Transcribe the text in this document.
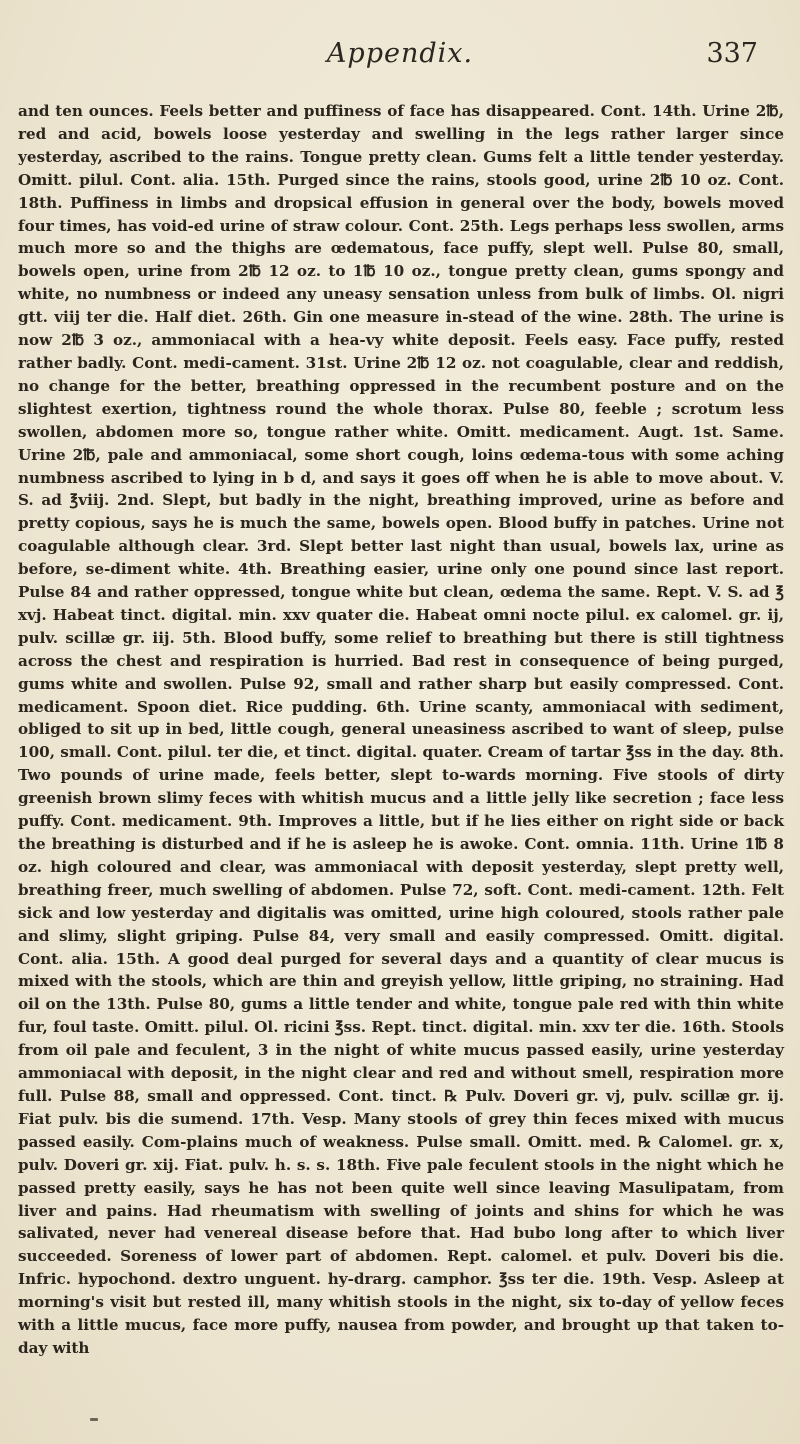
Appendix.	337

and ten ounces. Feels better and puffiness of face has disappeared. Cont. 14th. Urine 2℔, red and acid, bowels loose yesterday and swelling in the legs rather larger since yesterday, ascribed to the rains. Tongue pretty clean. Gums felt a little tender yesterday. Omitt. pilul. Cont. alia. 15th. Purged since the rains, stools good, urine 2℔ 10 oz. Cont. 18th. Puffiness in limbs and dropsical effusion in general over the body, bowels moved four times, has void-ed urine of straw colour. Cont. 25th. Legs perhaps less swollen, arms much more so and the thighs are œdematous, face puffy, slept well. Pulse 80, small, bowels open, urine from 2℔ 12 oz. to 1℔ 10 oz., tongue pretty clean, gums spongy and white, no numbness or indeed any uneasy sensation unless from bulk of limbs. Ol. nigri gtt. viij ter die. Half diet. 26th. Gin one measure in-stead of the wine. 28th. The urine is now 2℔ 3 oz., ammoniacal with a hea-vy white deposit. Feels easy. Face puffy, rested rather badly. Cont. medi-cament. 31st. Urine 2℔ 12 oz. not coagulable, clear and reddish, no change for the better, breathing oppressed in the recumbent posture and on the slightest exertion, tightness round the whole thorax. Pulse 80, feeble ; scrotum less swollen, abdomen more so, tongue rather white. Omitt. medicament. Augt. 1st. Same. Urine 2℔, pale and ammoniacal, some short cough, loins œdema-tous with some aching numbness ascribed to lying in b d, and says it goes off when he is able to move about. V. S. ad ℥viij. 2nd. Slept, but badly in the night, breathing improved, urine as before and pretty copious, says he is much the same, bowels open. Blood buffy in patches. Urine not coagulable although clear. 3rd. Slept better last night than usual, bowels lax, urine as before, se-diment white. 4th. Breathing easier, urine only one pound since last report. Pulse 84 and rather oppressed, tongue white but clean, œdema the same. Rept. V. S. ad ℥ xvj. Habeat tinct. digital. min. xxv quater die. Habeat omni nocte pilul. ex calomel. gr. ij, pulv. scillæ gr. iij. 5th. Blood buffy, some relief to breathing but there is still tightness across the chest and respiration is hurried. Bad rest in consequence of being purged, gums white and swollen. Pulse 92, small and rather sharp but easily compressed. Cont. medicament. Spoon diet. Rice pudding. 6th. Urine scanty, ammoniacal with sediment, obliged to sit up in bed, little cough, general uneasiness ascribed to want of sleep, pulse 100, small. Cont. pilul. ter die, et tinct. digital. quater. Cream of tartar ℥ss in the day. 8th. Two pounds of urine made, feels better, slept to-wards morning. Five stools of dirty greenish brown slimy feces with whitish mucus and a little jelly like secretion ; face less puffy. Cont. medicament. 9th. Improves a little, but if he lies either on right side or back the breathing is disturbed and if he is asleep he is awoke. Cont. omnia. 11th. Urine 1℔ 8 oz. high coloured and clear, was ammoniacal with deposit yesterday, slept pretty well, breathing freer, much swelling of abdomen. Pulse 72, soft. Cont. medi-cament. 12th. Felt sick and low yesterday and digitalis was omitted, urine high coloured, stools rather pale and slimy, slight griping. Pulse 84, very small and easily compressed. Omitt. digital. Cont. alia. 15th. A good deal purged for several days and a quantity of clear mucus is mixed with the stools, which are thin and greyish yellow, little griping, no straining. Had oil on the 13th. Pulse 80, gums a little tender and white, tongue pale red with thin white fur, foul taste. Omitt. pilul. Ol. ricini ℥ss. Rept. tinct. digital. min. xxv ter die. 16th. Stools from oil pale and feculent, 3 in the night of white mucus passed easily, urine yesterday ammoniacal with deposit, in the night clear and red and without smell, respiration more full. Pulse 88, small and oppressed. Cont. tinct. ℞ Pulv. Doveri gr. vj, pulv. scillæ gr. ij. Fiat pulv. bis die sumend. 17th. Vesp. Many stools of grey thin feces mixed with mucus passed easily. Com-plains much of weakness. Pulse small. Omitt. med. ℞ Calomel. gr. x, pulv. Doveri gr. xij. Fiat. pulv. h. s. s. 18th. Five pale feculent stools in the night which he passed pretty easily, says he has not been quite well since leaving Masulipatam, from liver and pains. Had rheumatism with swelling of joints and shins for which he was salivated, never had venereal disease before that. Had bubo long after to which liver succeeded. Soreness of lower part of abdomen. Rept. calomel. et pulv. Doveri bis die. Infric. hypochond. dextro unguent. hy-drarg. camphor. ℥ss ter die. 19th. Vesp. Asleep at morning's visit but rested ill, many whitish stools in the night, six to-day of yellow feces with a little mucus, face more puffy, nausea from powder, and brought up that taken to-day with
